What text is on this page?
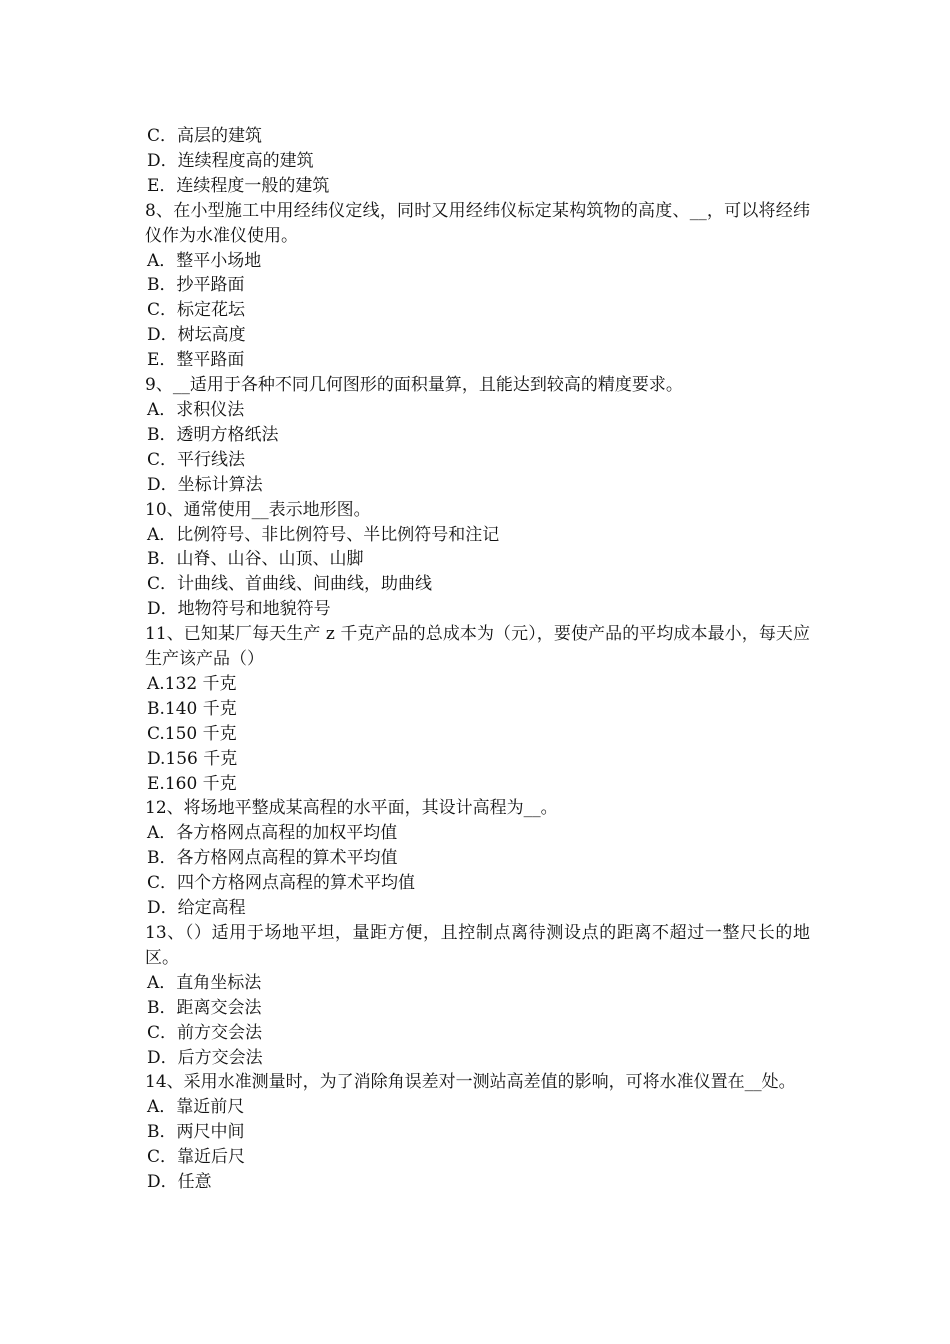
C．高层的建筑
D．连续程度高的建筑
E．连续程度一般的建筑
8、在小型施工中用经纬仪定线，同时又用经纬仪标定某构筑物的高度、__，可以将经纬仪作为水准仪使用。
A．整平小场地
B．抄平路面
C．标定花坛
D．树坛高度
E．整平路面
9、__适用于各种不同几何图形的面积量算，且能达到较高的精度要求。
A．求积仪法
B．透明方格纸法
C．平行线法
D．坐标计算法
10、通常使用__表示地形图。
A．比例符号、非比例符号、半比例符号和注记
B．山脊、山谷、山顶、山脚
C．计曲线、首曲线、间曲线，助曲线
D．地物符号和地貌符号
11、已知某厂每天生产 z 千克产品的总成本为（元），要使产品的平均成本最小，每天应生产该产品（）
A.132 千克
B.140 千克
C.150 千克
D.156 千克
E.160 千克
12、将场地平整成某高程的水平面，其设计高程为__。
A．各方格网点高程的加权平均值
B．各方格网点高程的算术平均值
C．四个方格网点高程的算术平均值
D．给定高程
13、（）适用于场地平坦，量距方便，且控制点离待测设点的距离不超过一整尺长的地区。
A．直角坐标法
B．距离交会法
C．前方交会法
D．后方交会法
14、采用水准测量时，为了消除角误差对一测站高差值的影响，可将水准仪置在__处。
A．靠近前尺
B．两尺中间
C．靠近后尺
D．任意
